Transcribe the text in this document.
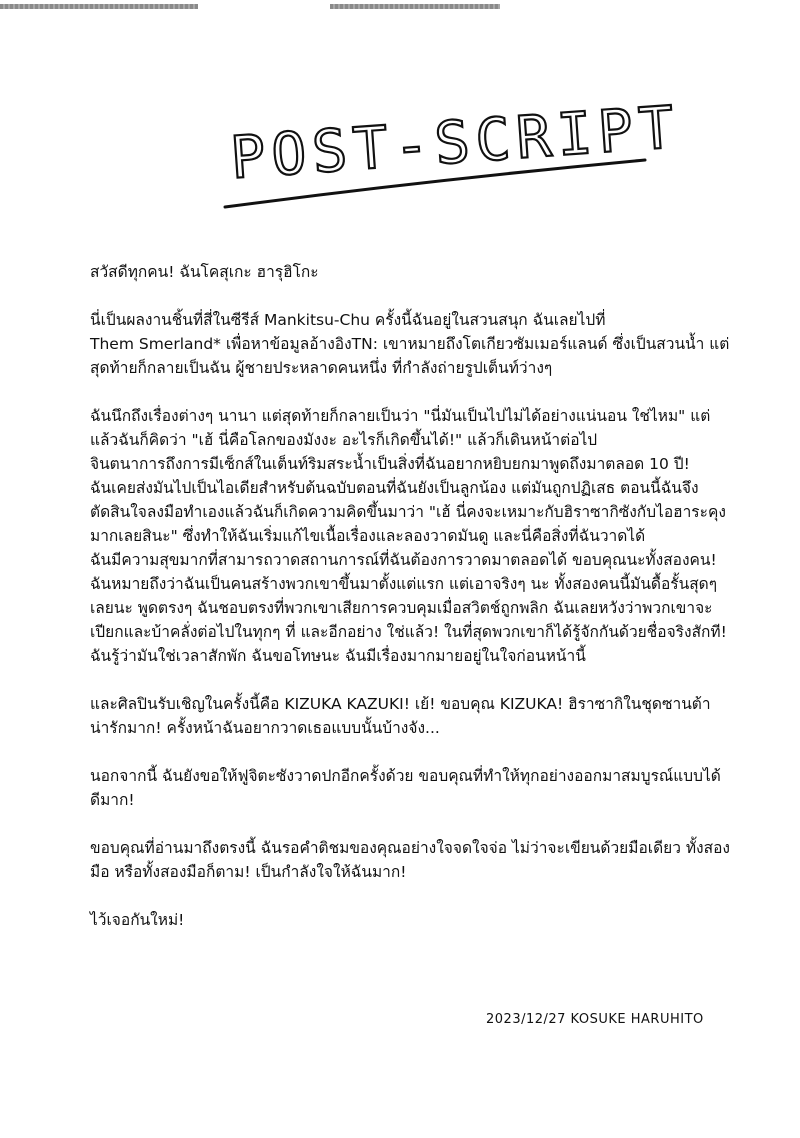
POST-SCRIPT
สวัสดีทุกคน! ฉันโคสุเกะ ฮารุฮิโกะ
นี่เป็นผลงานชิ้นที่สี่ในซีรีส์ Mankitsu-Chu ครั้งนี้ฉันอยู่ในสวนสนุก ฉันเลยไปที่
Them Smerland* เพื่อหาข้อมูลอ้างอิงTN: เขาหมายถึงโตเกียวซัมเมอร์แลนด์ ซึ่งเป็นสวนน้ำ แต่
สุดท้ายก็กลายเป็นฉัน ผู้ชายประหลาดคนหนึ่ง ที่กำลังถ่ายรูปเต็นท์ว่างๆ
ฉันนึกถึงเรื่องต่างๆ นานา แต่สุดท้ายก็กลายเป็นว่า "นี่มันเป็นไปไม่ได้อย่างแน่นอน ใช่ไหม" แต่
แล้วฉันก็คิดว่า "เฮ้ นี่คือโลกของมังงะ อะไรก็เกิดขึ้นได้!" แล้วก็เดินหน้าต่อไป
จินตนาการถึงการมีเซ็กส์ในเต็นท์ริมสระน้ำเป็นสิ่งที่ฉันอยากหยิบยกมาพูดถึงมาตลอด 10 ปี!
ฉันเคยส่งมันไปเป็นไอเดียสำหรับต้นฉบับตอนที่ฉันยังเป็นลูกน้อง แต่มันถูกปฏิเสธ ตอนนี้ฉันจึง
ตัดสินใจลงมือทำเองแล้วฉันก็เกิดความคิดขึ้นมาว่า "เฮ้ นี่คงจะเหมาะกับฮิราซากิซังกับไอฮาระคุง
มากเลยสินะ" ซึ่งทำให้ฉันเริ่มแก้ไขเนื้อเรื่องและลองวาดมันดู และนี่คือสิ่งที่ฉันวาดได้
ฉันมีความสุขมากที่สามารถวาดสถานการณ์ที่ฉันต้องการวาดมาตลอดได้ ขอบคุณนะทั้งสองคน!
ฉันหมายถึงว่าฉันเป็นคนสร้างพวกเขาขึ้นมาตั้งแต่แรก แต่เอาจริงๆ นะ ทั้งสองคนนี้มันดื้อรั้นสุดๆ
เลยนะ พูดตรงๆ ฉันชอบตรงที่พวกเขาเสียการควบคุมเมื่อสวิตช์ถูกพลิก ฉันเลยหวังว่าพวกเขาจะ
เปียกและบ้าคลั่งต่อไปในทุกๆ ที่ และอีกอย่าง ใช่แล้ว! ในที่สุดพวกเขาก็ได้รู้จักกันด้วยชื่อจริงสักที!
ฉันรู้ว่ามันใช่เวลาสักพัก ฉันขอโทษนะ ฉันมีเรื่องมากมายอยู่ในใจก่อนหน้านี้
และศิลปินรับเชิญในครั้งนี้คือ KIZUKA KAZUKI! เย้! ขอบคุณ KIZUKA! ฮิราซากิในชุดซานต้า
น่ารักมาก! ครั้งหน้าฉันอยากวาดเธอแบบนั้นบ้างจัง...
นอกจากนี้ ฉันยังขอให้ฟูจิตะซังวาดปกอีกครั้งด้วย ขอบคุณที่ทำให้ทุกอย่างออกมาสมบูรณ์แบบได้
ดีมาก!
ขอบคุณที่อ่านมาถึงตรงนี้ ฉันรอคำติชมของคุณอย่างใจจดใจจ่อ ไม่ว่าจะเขียนด้วยมือเดียว ทั้งสอง
มือ หรือทั้งสองมือก็ตาม! เป็นกำลังใจให้ฉันมาก!
ไว้เจอกันใหม่!
2023/12/27 KOSUKE HARUHITO
